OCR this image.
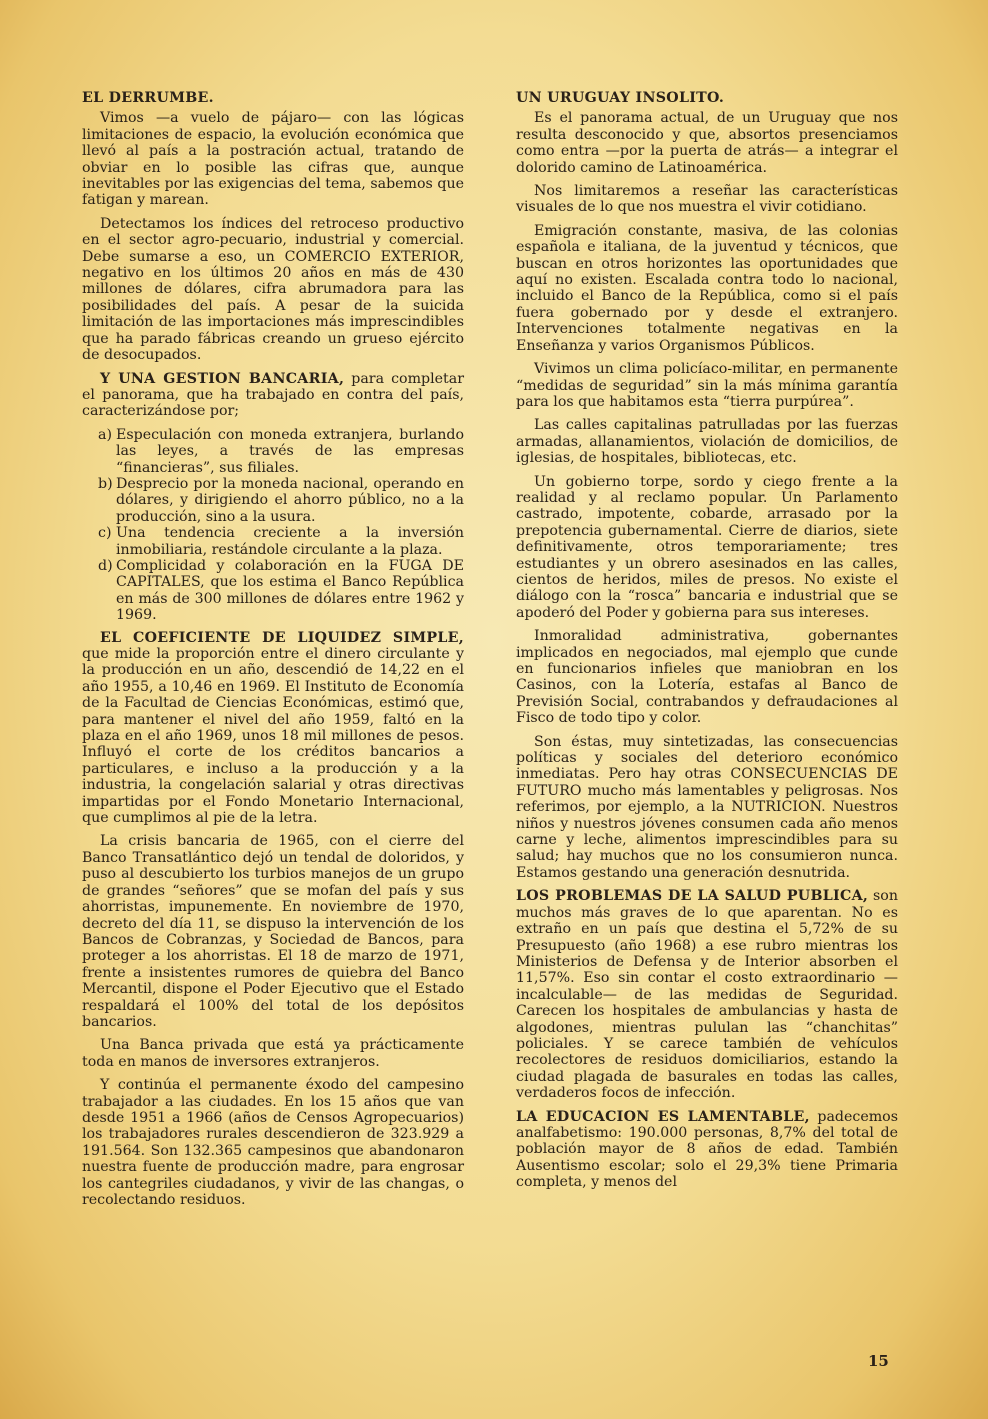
EL DERRUMBE.

Vimos —a vuelo de pájaro— con las lógicas limitaciones de espacio, la evolución económica que llevó al país a la postración actual, tratando de obviar en lo posible las cifras que, aunque inevitables por las exigencias del tema, sabemos que fatigan y marean.

Detectamos los índices del retroceso productivo en el sector agro-pecuario, industrial y comercial. Debe sumarse a eso, un COMERCIO EXTERIOR, negativo en los últimos 20 años en más de 430 millones de dólares, cifra abrumadora para las posibilidades del país. A pesar de la suicida limitación de las importaciones más imprescindibles que ha parado fábricas creando un grueso ejército de desocupados.

Y UNA GESTION BANCARIA, para completar el panorama, que ha trabajado en contra del país, caracterizándose por;

a) Especulación con moneda extranjera, burlando las leyes, a través de las empresas “financieras”, sus filiales.
b) Desprecio por la moneda nacional, operando en dólares, y dirigiendo el ahorro público, no a la producción, sino a la usura.
c) Una tendencia creciente a la inversión inmobiliaria, restándole circulante a la plaza.
d) Complicidad y colaboración en la FUGA DE CAPITALES, que los estima el Banco República en más de 300 millones de dólares entre 1962 y 1969.

EL COEFICIENTE DE LIQUIDEZ SIMPLE, que mide la proporción entre el dinero circulante y la producción en un año, descendió de 14,22 en el año 1955, a 10,46 en 1969. El Instituto de Economía de la Facultad de Ciencias Económicas, estimó que, para mantener el nivel del año 1959, faltó en la plaza en el año 1969, unos 18 mil millones de pesos. Influyó el corte de los créditos bancarios a particulares, e incluso a la producción y a la industria, la congelación salarial y otras directivas impartidas por el Fondo Monetario Internacional, que cumplimos al pie de la letra.

La crisis bancaria de 1965, con el cierre del Banco Transatlántico dejó un tendal de doloridos, y puso al descubierto los turbios manejos de un grupo de grandes “señores” que se mofan del país y sus ahorristas, impunemente. En noviembre de 1970, decreto del día 11, se dispuso la intervención de los Bancos de Cobranzas, y Sociedad de Bancos, para proteger a los ahorristas. El 18 de marzo de 1971, frente a insistentes rumores de quiebra del Banco Mercantil, dispone el Poder Ejecutivo que el Estado respaldará el 100% del total de los depósitos bancarios.

Una Banca privada que está ya prácticamente toda en manos de inversores extranjeros.

Y continúa el permanente éxodo del campesino trabajador a las ciudades. En los 15 años que van desde 1951 a 1966 (años de Censos Agropecuarios) los trabajadores rurales descendieron de 323.929 a 191.564. Son 132.365 campesinos que abandonaron nuestra fuente de producción madre, para engrosar los cantegriles ciudadanos, y vivir de las changas, o recolectando residuos.

UN URUGUAY INSOLITO.

Es el panorama actual, de un Uruguay que nos resulta desconocido y que, absortos presenciamos como entra —por la puerta de atrás— a integrar el dolorido camino de Latinoamérica.

Nos limitaremos a reseñar las características visuales de lo que nos muestra el vivir cotidiano.

Emigración constante, masiva, de las colonias española e italiana, de la juventud y técnicos, que buscan en otros horizontes las oportunidades que aquí no existen. Escalada contra todo lo nacional, incluido el Banco de la República, como si el país fuera gobernado por y desde el extranjero. Intervenciones totalmente negativas en la Enseñanza y varios Organismos Públicos.

Vivimos un clima policíaco-militar, en permanente “medidas de seguridad” sin la más mínima garantía para los que habitamos esta “tierra purpúrea”.

Las calles capitalinas patrulladas por las fuerzas armadas, allanamientos, violación de domicilios, de iglesias, de hospitales, bibliotecas, etc.

Un gobierno torpe, sordo y ciego frente a la realidad y al reclamo popular. Un Parlamento castrado, impotente, cobarde, arrasado por la prepotencia gubernamental. Cierre de diarios, siete definitivamente, otros temporariamente; tres estudiantes y un obrero asesinados en las calles, cientos de heridos, miles de presos. No existe el diálogo con la “rosca” bancaria e industrial que se apoderó del Poder y gobierna para sus intereses.

Inmoralidad administrativa, gobernantes implicados en negociados, mal ejemplo que cunde en funcionarios infieles que maniobran en los Casinos, con la Lotería, estafas al Banco de Previsión Social, contrabandos y defraudaciones al Fisco de todo tipo y color.

Son éstas, muy sintetizadas, las consecuencias políticas y sociales del deterioro económico inmediatas. Pero hay otras CONSECUENCIAS DE FUTURO mucho más lamentables y peligrosas. Nos referimos, por ejemplo, a la NUTRICION. Nuestros niños y nuestros jóvenes consumen cada año menos carne y leche, alimentos imprescindibles para su salud; hay muchos que no los consumieron nunca. Estamos gestando una generación desnutrida.

LOS PROBLEMAS DE LA SALUD PUBLICA, son muchos más graves de lo que aparentan. No es extraño en un país que destina el 5,72% de su Presupuesto (año 1968) a ese rubro mientras los Ministerios de Defensa y de Interior absorben el 11,57%. Eso sin contar el costo extraordinario —incalculable— de las medidas de Seguridad. Carecen los hospitales de ambulancias y hasta de algodones, mientras pululan las “chanchitas” policiales. Y se carece también de vehículos recolectores de residuos domiciliarios, estando la ciudad plagada de basurales en todas las calles, verdaderos focos de infección.

LA EDUCACION ES LAMENTABLE, padecemos analfabetismo: 190.000 personas, 8,7% del total de población mayor de 8 años de edad. También Ausentismo escolar; solo el 29,3% tiene Primaria completa, y menos del

15
